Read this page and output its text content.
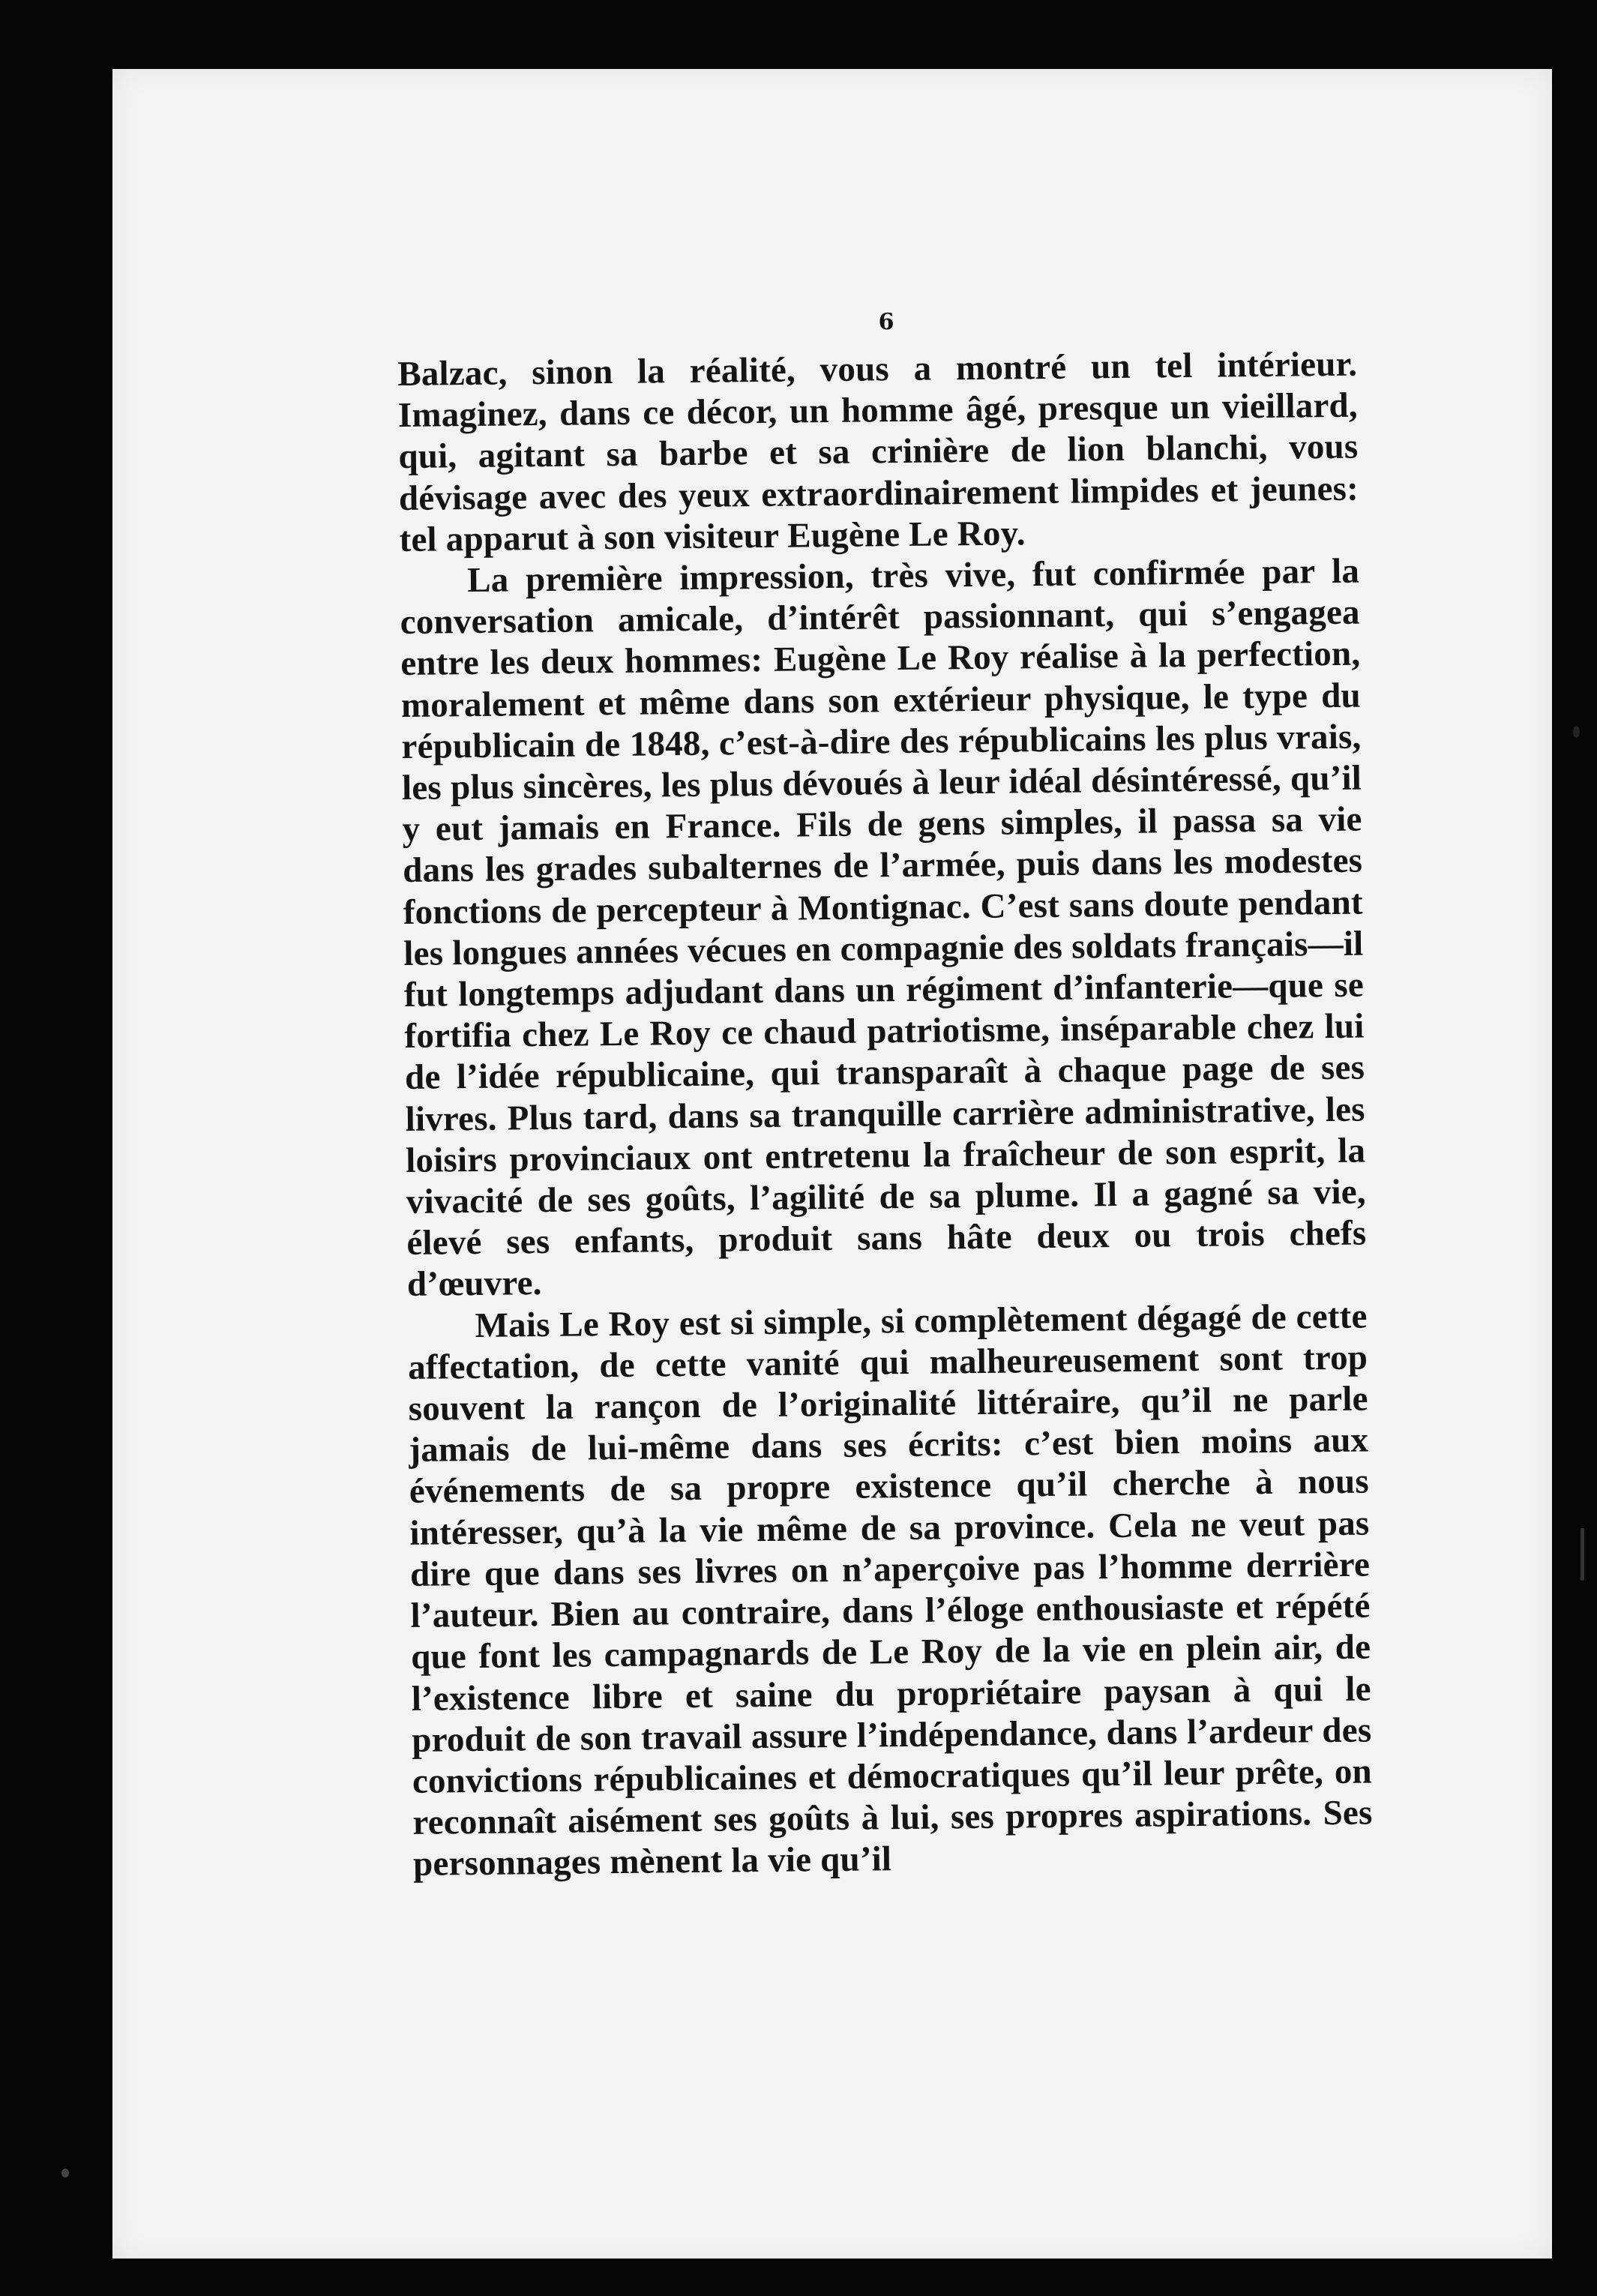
6

Balzac, sinon la réalité, vous a montré un tel intérieur. Imaginez, dans ce décor, un homme âgé, presque un vieillard, qui, agitant sa barbe et sa crinière de lion blanchi, vous dévisage avec des yeux extraordinairement limpides et jeunes: tel apparut à son visiteur Eugène Le Roy.

La première impression, très vive, fut confirmée par la conversation amicale, d’intérêt passionnant, qui s’engagea entre les deux hommes: Eugène Le Roy réalise à la perfection, moralement et même dans son extérieur physique, le type du républicain de 1848, c’est-à-dire des républicains les plus vrais, les plus sincères, les plus dévoués à leur idéal désintéressé, qu’il y eut jamais en France. Fils de gens simples, il passa sa vie dans les grades subalternes de l’armée, puis dans les modestes fonctions de percepteur à Montignac. C’est sans doute pendant les longues années vécues en compagnie des soldats français—il fut longtemps adjudant dans un régiment d’infanterie—que se fortifia chez Le Roy ce chaud patriotisme, inséparable chez lui de l’idée républicaine, qui transparaît à chaque page de ses livres. Plus tard, dans sa tranquille carrière administrative, les loisirs provinciaux ont entretenu la fraîcheur de son esprit, la vivacité de ses goûts, l’agilité de sa plume. Il a gagné sa vie, élevé ses enfants, produit sans hâte deux ou trois chefs d’œuvre.

Mais Le Roy est si simple, si complètement dégagé de cette affectation, de cette vanité qui malheureusement sont trop souvent la rançon de l’originalité littéraire, qu’il ne parle jamais de lui-même dans ses écrits: c’est bien moins aux événements de sa propre existence qu’il cherche à nous intéresser, qu’à la vie même de sa province. Cela ne veut pas dire que dans ses livres on n’aperçoive pas l’homme derrière l’auteur. Bien au contraire, dans l’éloge enthousiaste et répété que font les campagnards de Le Roy de la vie en plein air, de l’existence libre et saine du propriétaire paysan à qui le produit de son travail assure l’indépendance, dans l’ardeur des convictions républicaines et démocratiques qu’il leur prête, on reconnaît aisément ses goûts à lui, ses propres aspirations. Ses personnages mènent la vie qu’il
